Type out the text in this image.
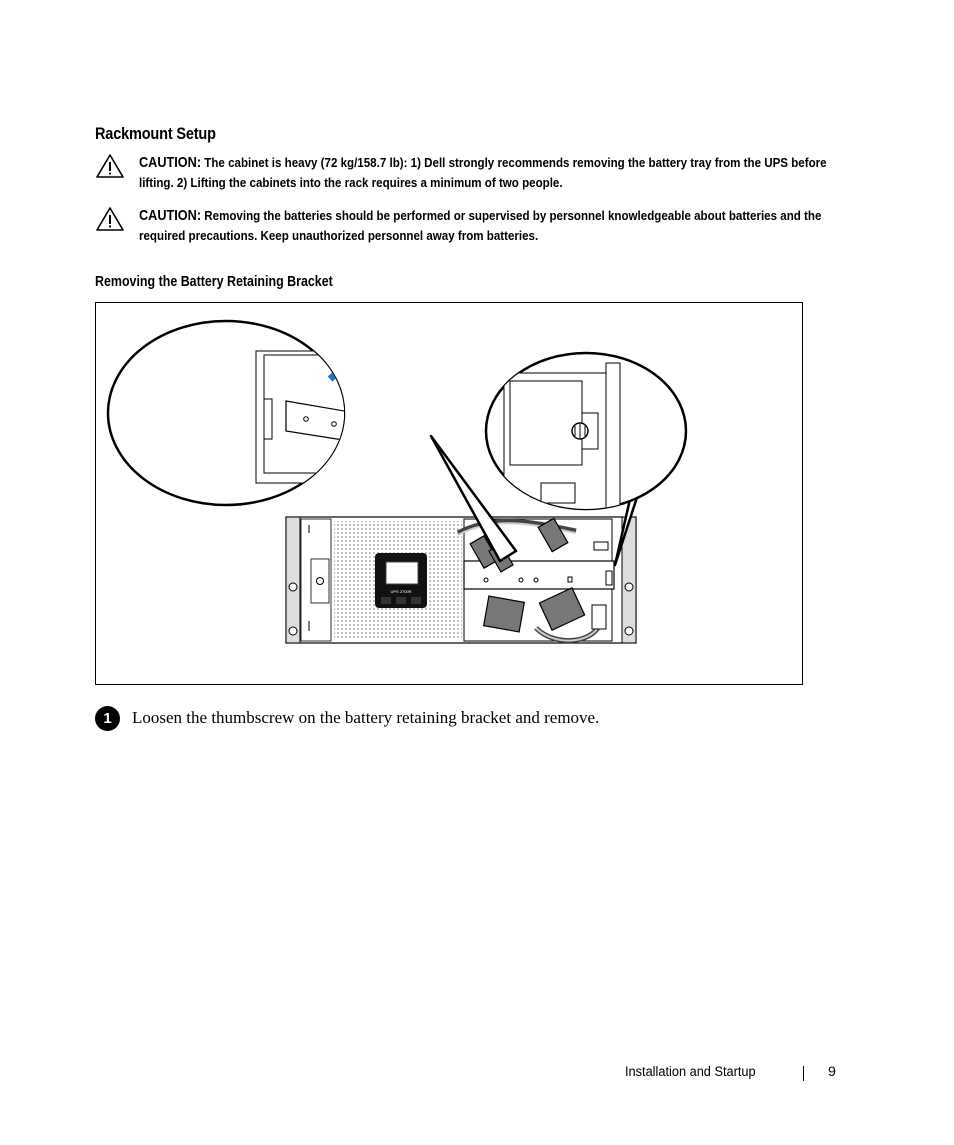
Rackmount Setup
CAUTION: The cabinet is heavy (72 kg/158.7 lb): 1) Dell strongly recommends removing the battery tray from the UPS before lifting. 2) Lifting the cabinets into the rack requires a minimum of two people.
CAUTION: Removing the batteries should be performed or supervised by personnel knowledgeable about batteries and the required precautions. Keep unauthorized personnel away from batteries.
Removing the Battery Retaining Bracket
UPS 2700R
1	Loosen the thumbscrew on the battery retaining bracket and remove.
Installation and Startup	9
